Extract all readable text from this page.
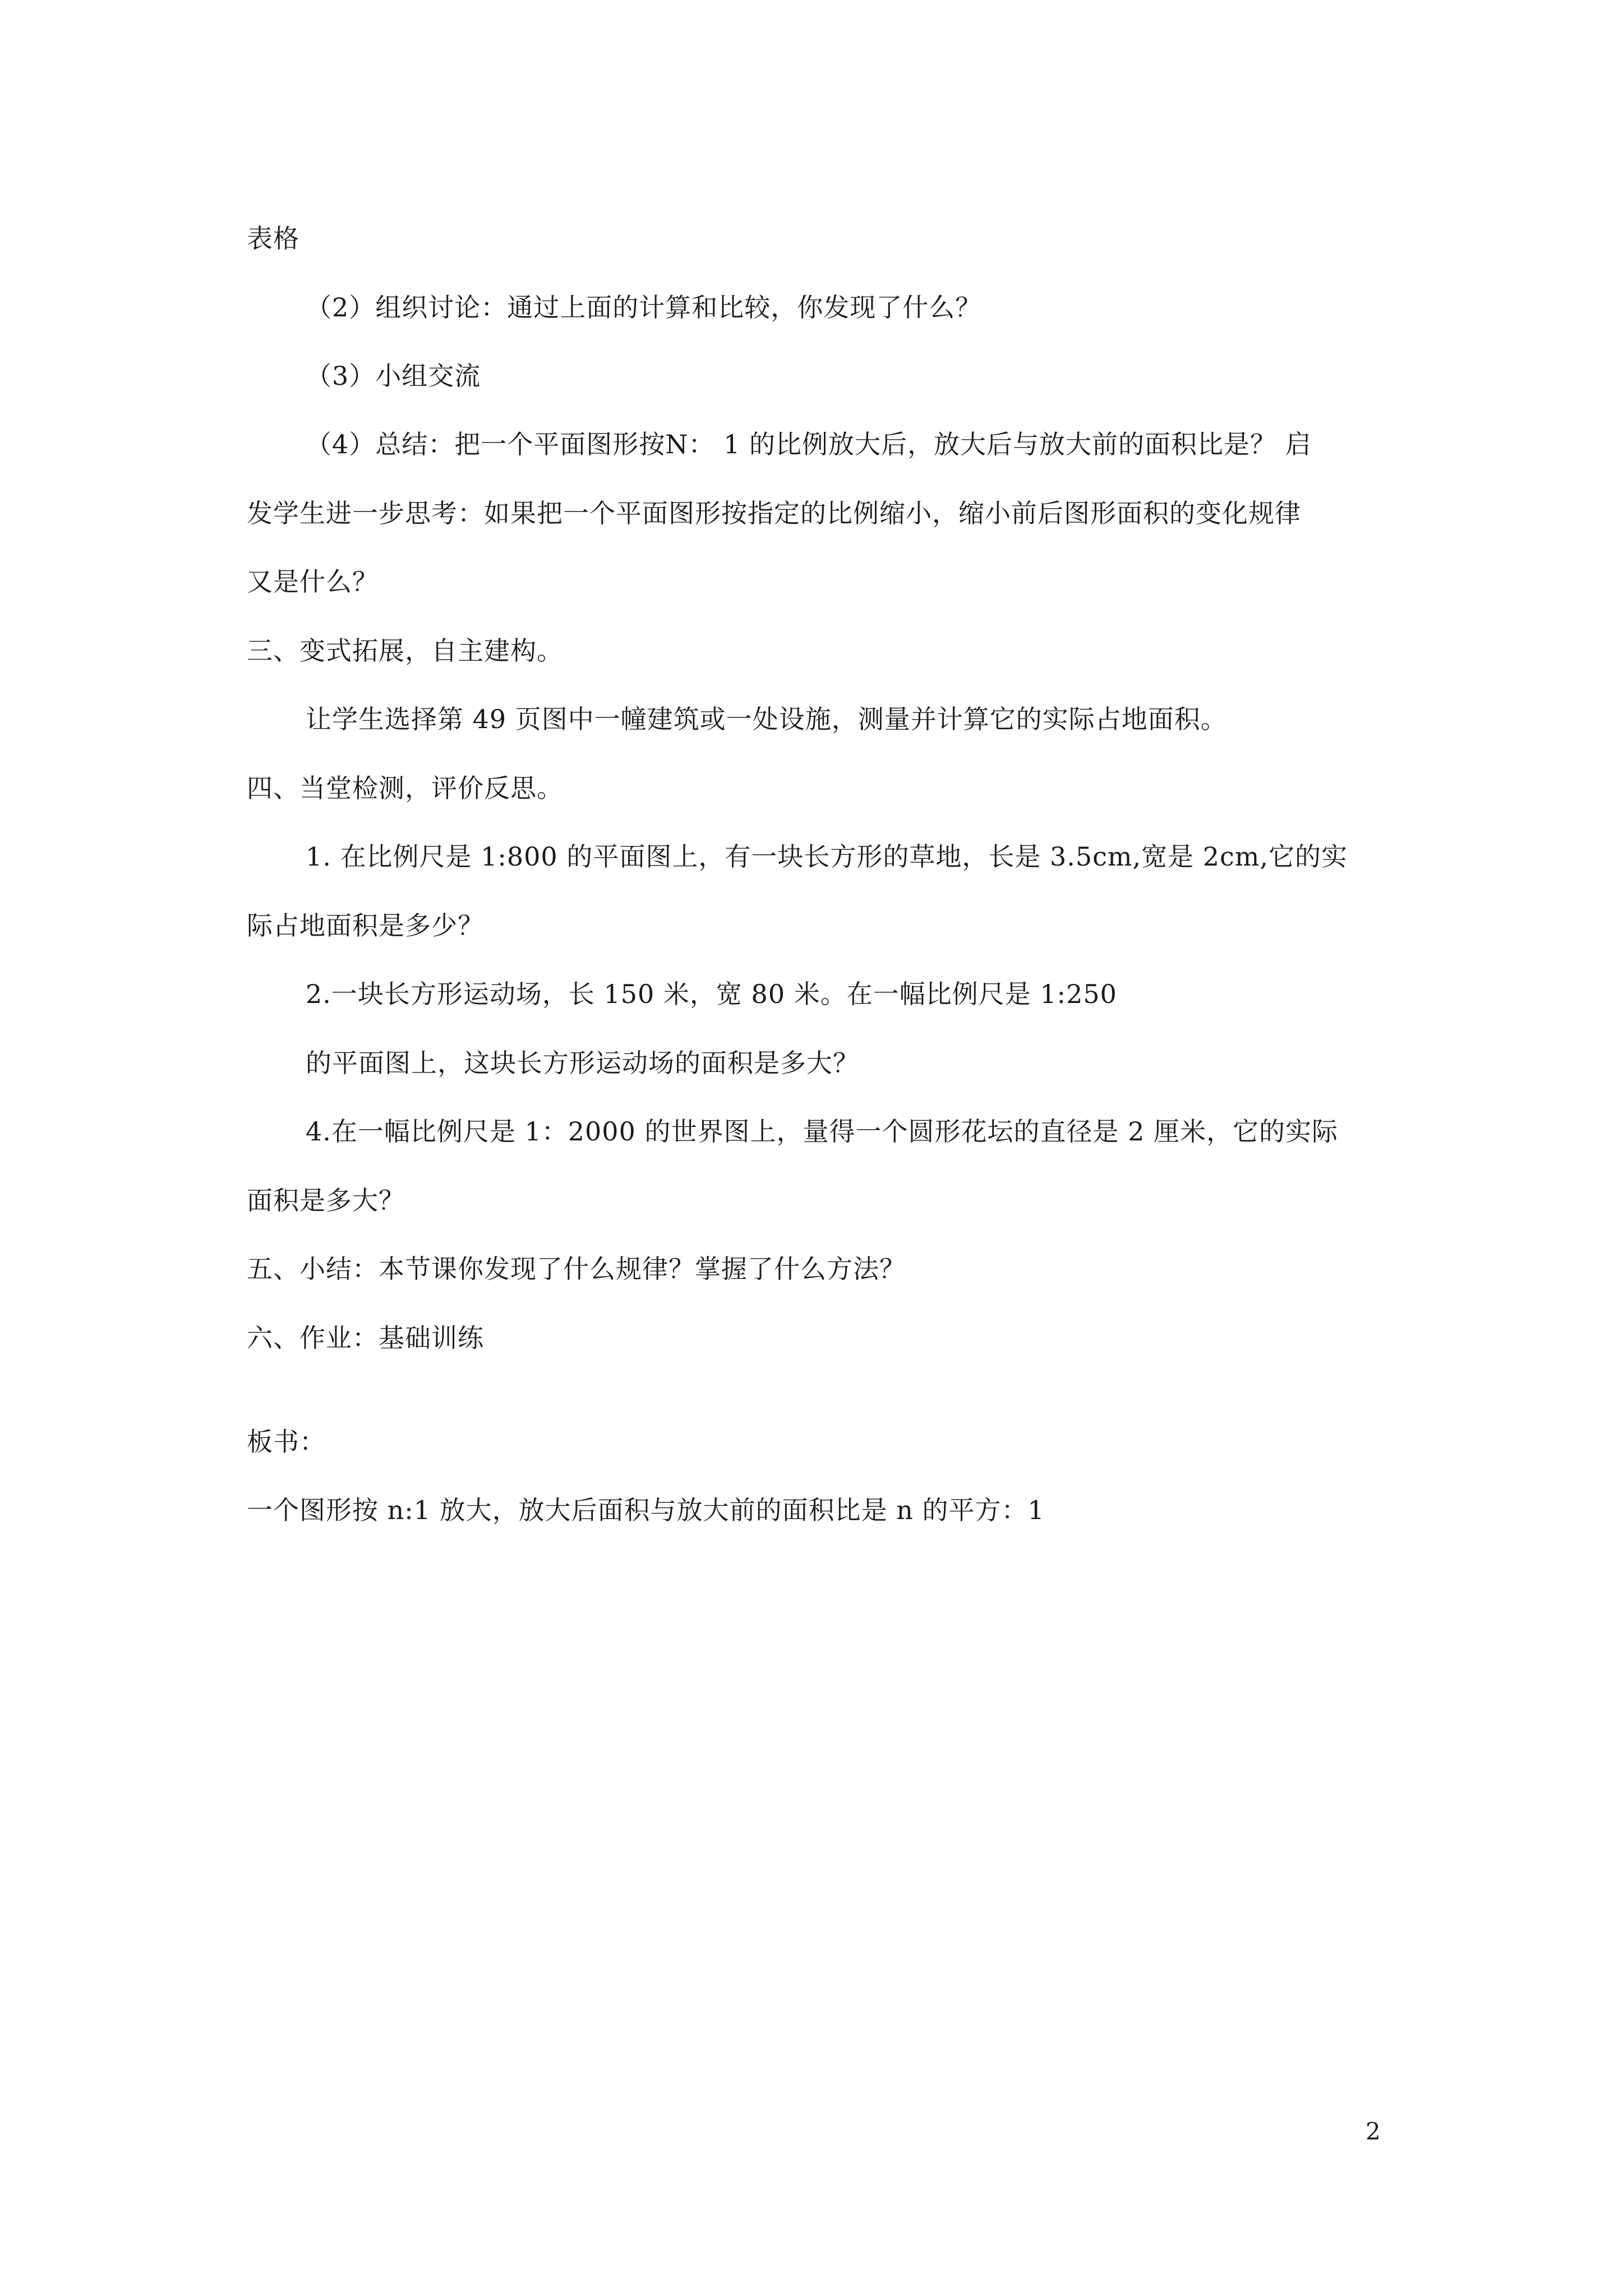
表格
（2）组织讨论：通过上面的计算和比较，你发现了什么？
（3）小组交流
（4）总结：把一个平面图形按N： 1 的比例放大后，放大后与放大前的面积比是？ 启
发学生进一步思考：如果把一个平面图形按指定的比例缩小，缩小前后图形面积的变化规律
又是什么？
三、变式拓展，自主建构。
让学生选择第 49 页图中一幢建筑或一处设施，测量并计算它的实际占地面积。
四、当堂检测，评价反思。
1. 在比例尺是 1:800 的平面图上，有一块长方形的草地，长是 3.5cm,宽是 2cm,它的实
际占地面积是多少？
2.一块长方形运动场，长 150 米，宽 80 米。在一幅比例尺是 1:250
的平面图上，这块长方形运动场的面积是多大？
4.在一幅比例尺是 1：2000 的世界图上，量得一个圆形花坛的直径是 2 厘米，它的实际
面积是多大？
五、小结：本节课你发现了什么规律？掌握了什么方法？
六、作业：基础训练
板书：
一个图形按 n:1 放大，放大后面积与放大前的面积比是 n 的平方：1
2
